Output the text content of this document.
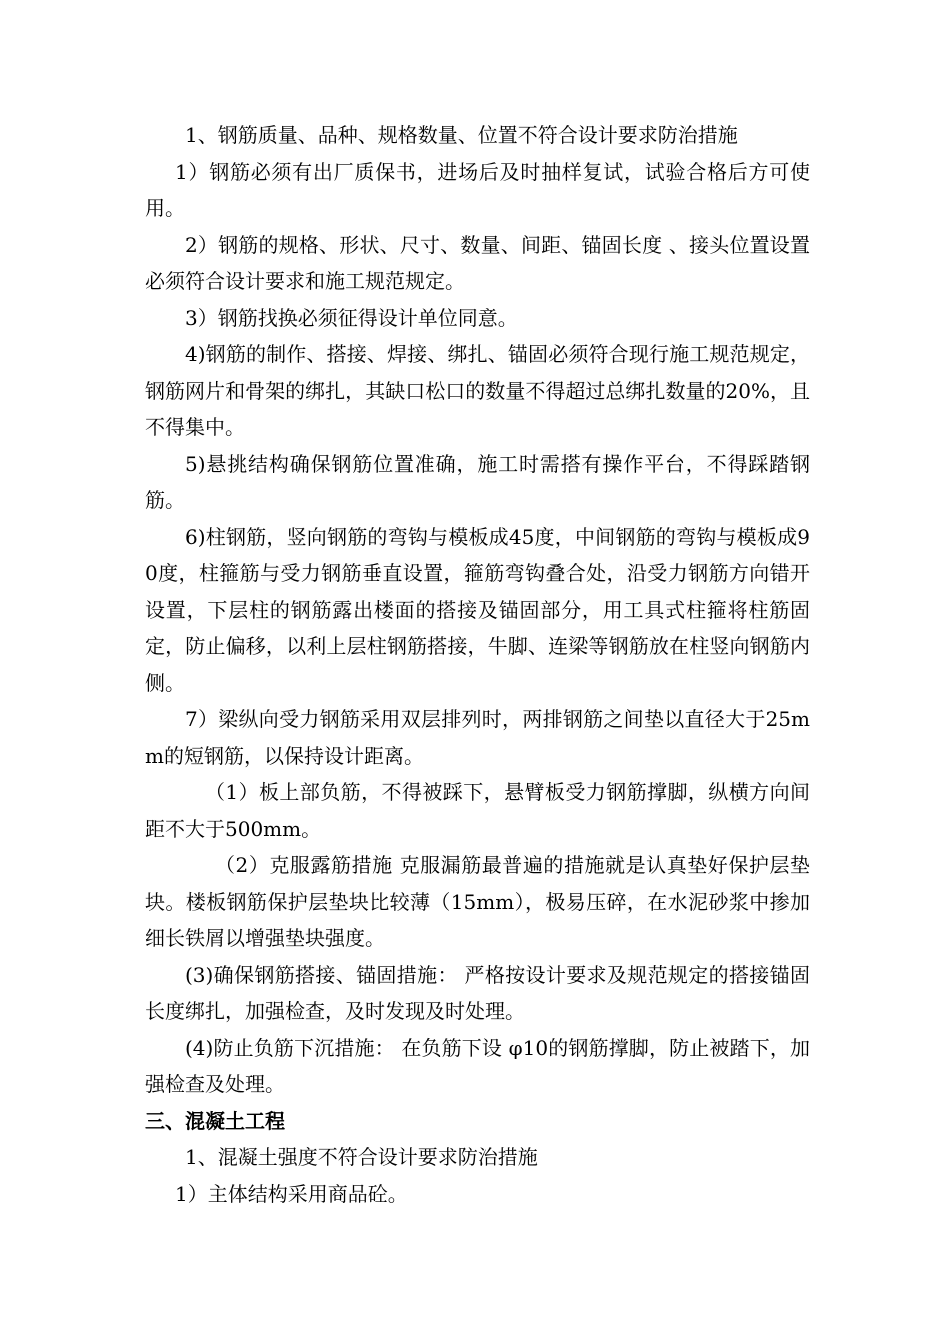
1、钢筋质量、品种、规格数量、位置不符合设计要求防治措施

1）钢筋必须有出厂质保书，进场后及时抽样复试，试验合格后方可使用。

2）钢筋的规格、形状、尺寸、数量、间距、锚固长度 、接头位置设置必须符合设计要求和施工规范规定。

3）钢筋找换必须征得设计单位同意。

4)钢筋的制作、搭接、焊接、绑扎、锚固必须符合现行施工规范规定，钢筋网片和骨架的绑扎，其缺口松口的数量不得超过总绑扎数量的20%，且不得集中。

5)悬挑结构确保钢筋位置准确，施工时需搭有操作平台，不得踩踏钢筋。

6)柱钢筋，竖向钢筋的弯钩与模板成45度，中间钢筋的弯钩与模板成90度，柱箍筋与受力钢筋垂直设置，箍筋弯钩叠合处，沿受力钢筋方向错开设置，下层柱的钢筋露出楼面的搭接及锚固部分，用工具式柱箍将柱筋固定，防止偏移，以利上层柱钢筋搭接，牛脚、连梁等钢筋放在柱竖向钢筋内侧。

7）梁纵向受力钢筋采用双层排列时，两排钢筋之间垫以直径大于25mm的短钢筋，以保持设计距离。

（1）板上部负筋，不得被踩下，悬臂板受力钢筋撑脚，纵横方向间距不大于500mm。

（2）克服露筋措施 克服漏筋最普遍的措施就是认真垫好保护层垫块。楼板钢筋保护层垫块比较薄（15mm），极易压碎，在水泥砂浆中掺加细长铁屑以增强垫块强度。

(3)确保钢筋搭接、锚固措施： 严格按设计要求及规范规定的搭接锚固长度绑扎，加强检查，及时发现及时处理。

(4)防止负筋下沉措施： 在负筋下设 φ10的钢筋撑脚，防止被踏下，加强检查及处理。

三、混凝土工程

1、混凝土强度不符合设计要求防治措施

1）主体结构采用商品砼。
